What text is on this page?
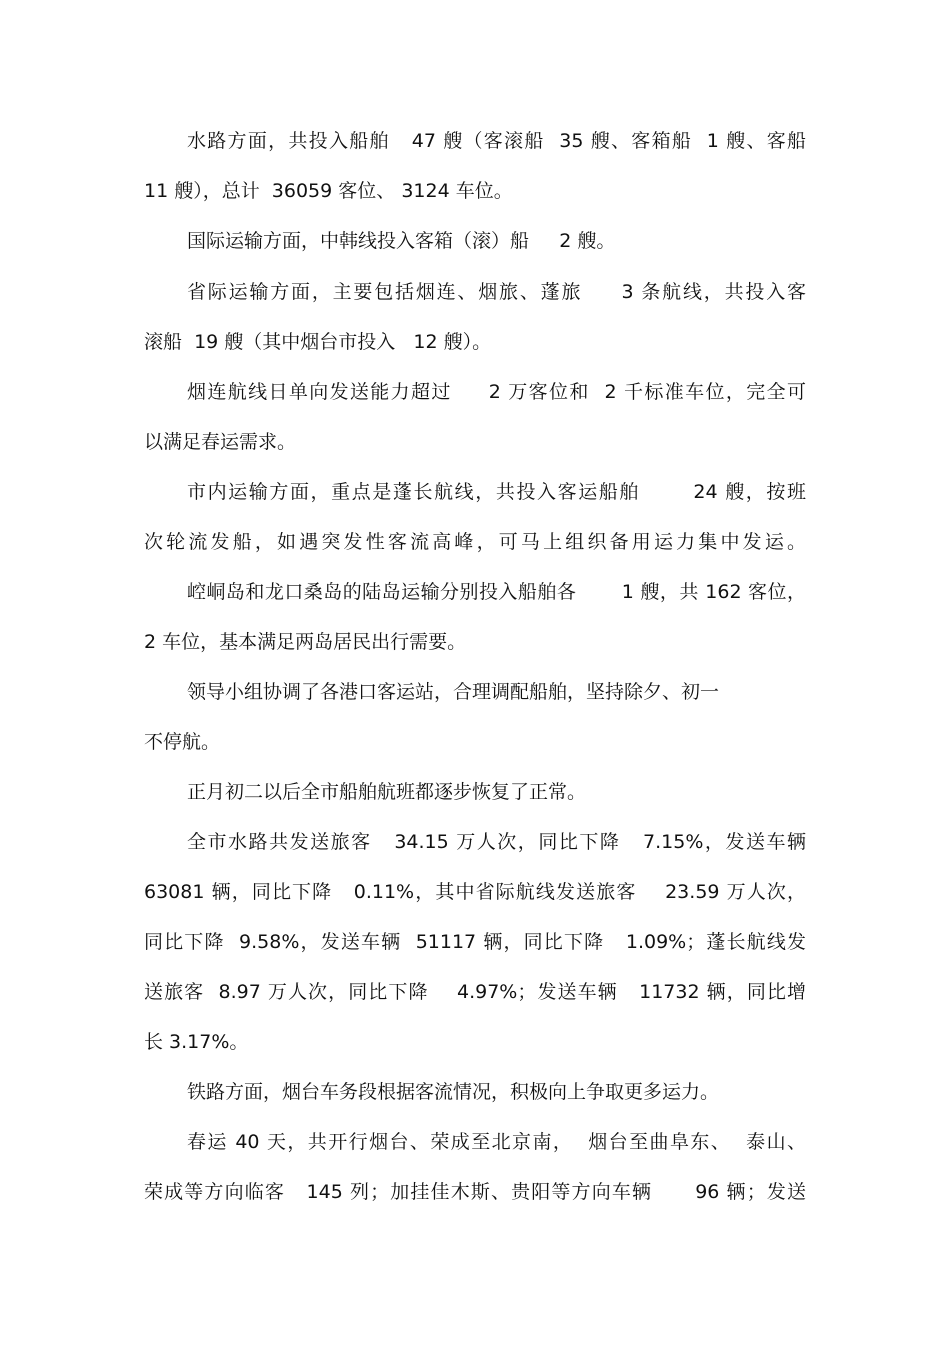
水路方面，共投入船舶   47 艘（客滚船  35 艘、客箱船  1 艘、客船
11 艘），总计  36059 客位、 3124 车位。
国际运输方面，中韩线投入客箱（滚）船     2 艘。
省际运输方面，主要包括烟连、烟旅、蓬旅     3 条航线，共投入客
滚船  19 艘（其中烟台市投入   12 艘）。
烟连航线日单向发送能力超过     2 万客位和  2 千标准车位，完全可
以满足春运需求。
市内运输方面，重点是蓬长航线，共投入客运船舶       24 艘，按班
次轮流发船，如遇突发性客流高峰，可马上组织备用运力集中发运。
崆峒岛和龙口桑岛的陆岛运输分别投入船舶各       1 艘，共 162 客位，
2 车位，基本满足两岛居民出行需要。
领导小组协调了各港口客运站，合理调配船舶，坚持除夕、初一
不停航。
正月初二以后全市船舶航班都逐步恢复了正常。
全市水路共发送旅客   34.15 万人次，同比下降   7.15%，发送车辆
63081 辆，同比下降   0.11%，其中省际航线发送旅客    23.59 万人次，
同比下降  9.58%，发送车辆  51117 辆，同比下降   1.09%；蓬长航线发
送旅客  8.97 万人次，同比下降    4.97%；发送车辆   11732 辆，同比增
长 3.17%。
铁路方面，烟台车务段根据客流情况，积极向上争取更多运力。
春运 40 天，共开行烟台、荣成至北京南，  烟台至曲阜东、  泰山、
荣成等方向临客   145 列；加挂佳木斯、贵阳等方向车辆      96 辆；发送
